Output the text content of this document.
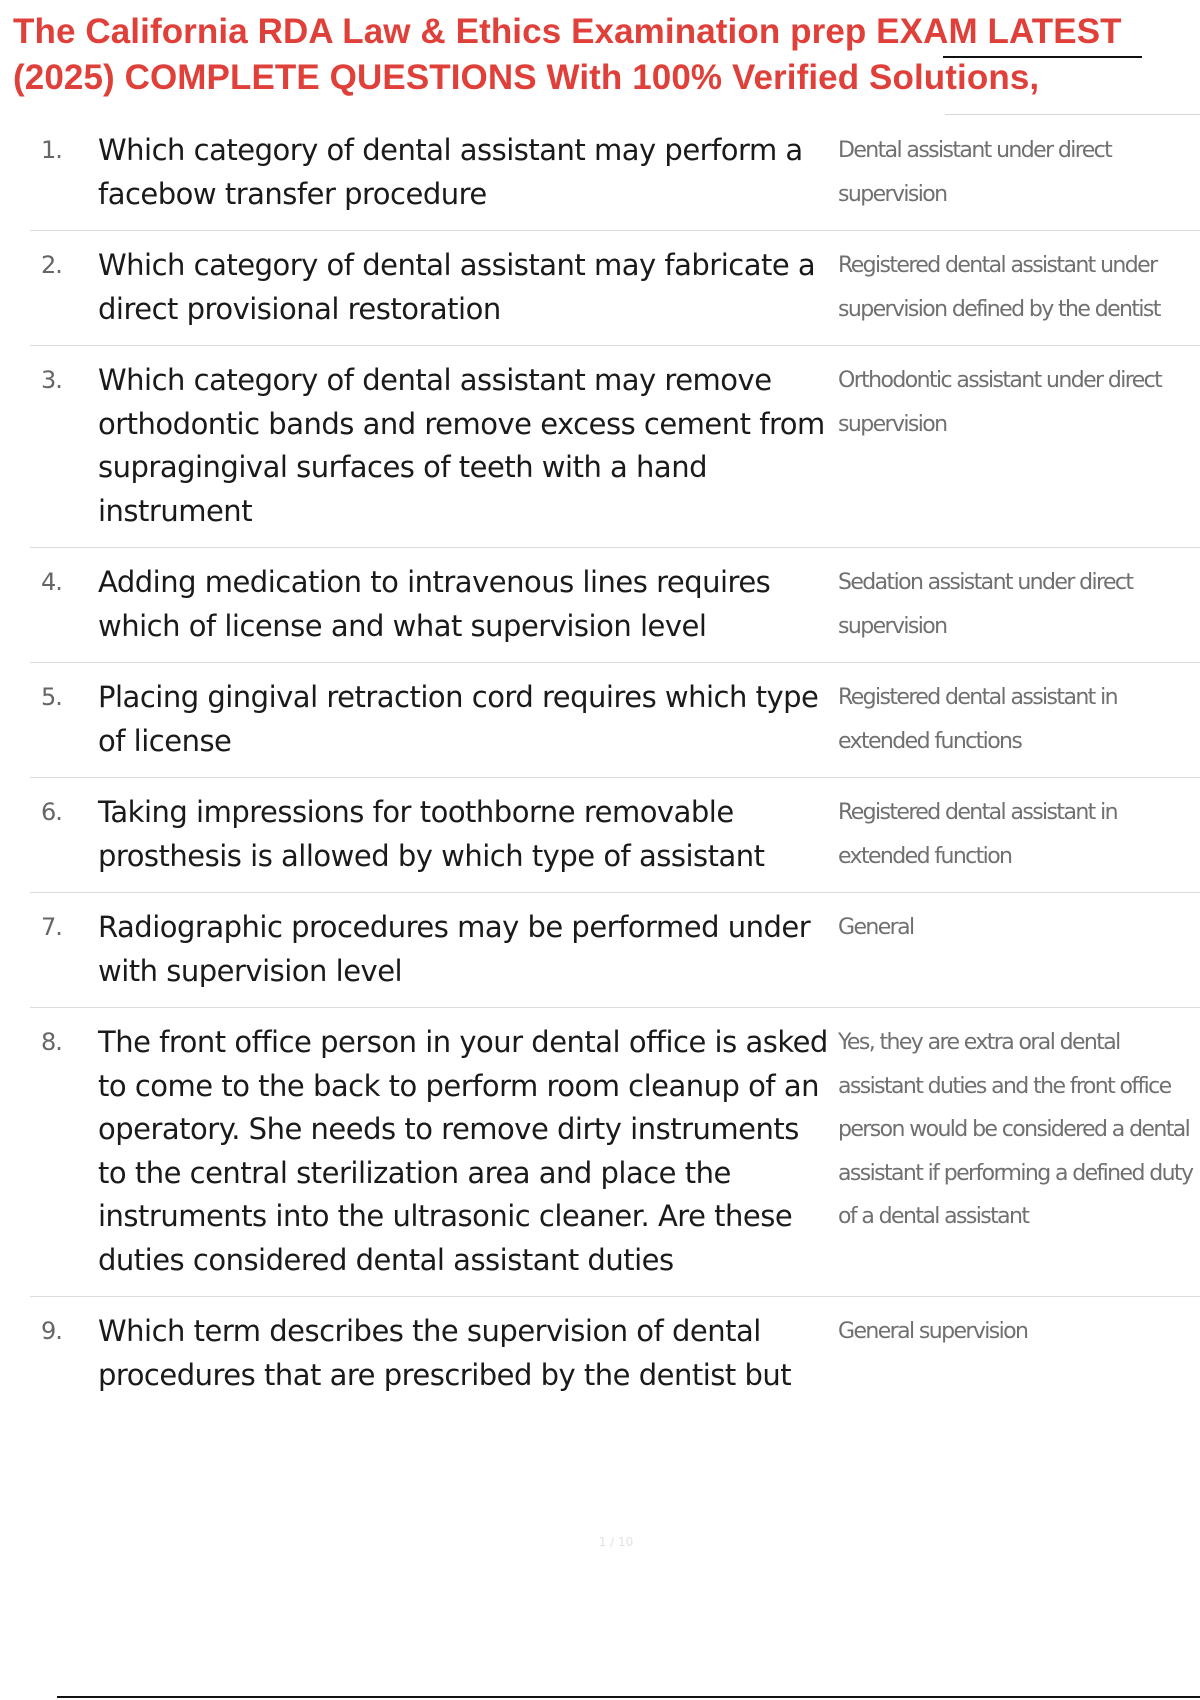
The California RDA Law & Ethics Examination prep EXAM LATEST (2025) COMPLETE QUESTIONS With 100% Verified Solutions,
1.	Which category of dental assistant may perform a facebow transfer procedure
Dental assistant under direct supervision
2.	Which category of dental assistant may fabricate a direct provisional restoration
Registered dental assistant under supervision defined by the dentist
3.	Which category of dental assistant may remove orthodontic bands and remove excess cement from supragingival surfaces of teeth with a hand instrument
Orthodontic assistant under direct supervision
4.	Adding medication to intravenous lines requires which of license and what supervision level
Sedation assistant under direct supervision
5.	Placing gingival retraction cord requires which type of license
Registered dental assistant in extended functions
6.	Taking impressions for toothborne removable prosthesis is allowed by which type of assistant
Registered dental assistant in extended function
7.	Radiographic procedures may be performed under with supervision level
General
8.	The front office person in your dental office is asked to come to the back to perform room cleanup of an operatory. She needs to remove dirty instruments to the central sterilization area and place the instruments into the ultrasonic cleaner. Are these duties considered dental assistant duties
Yes, they are extra oral dental assistant duties and the front office person would be considered a dental assistant if performing a defined duty of a dental assistant
9.	Which term describes the supervision of dental procedures that are prescribed by the dentist but
General supervision
1 / 10
